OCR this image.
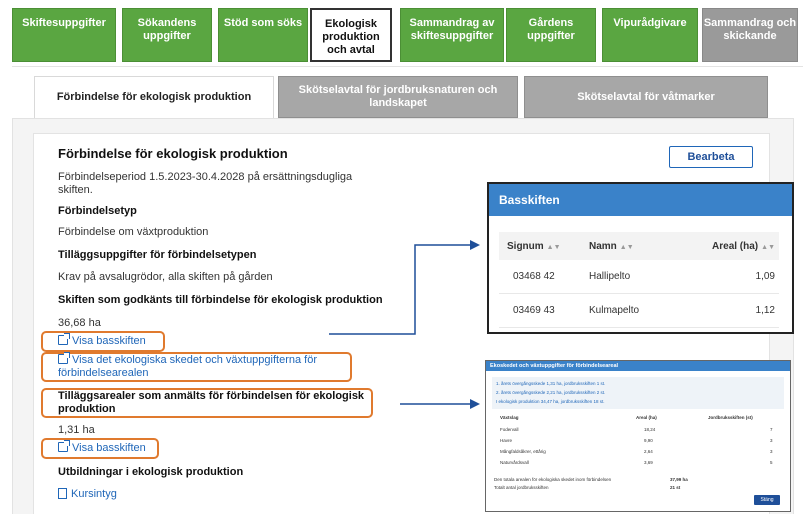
Skiftesuppgifter	Sökandens uppgifter
Stöd som söks	Ekologisk produktion och avtal
Sammandrag av skiftesuppgifter
Gårdens uppgifter
Vipurådgivare Sammandrag och skickande
Förbindelse för ekologisk produktion
Skötselavtal för jordbruksnaturen och landskapet
Skötselavtal för våtmarker
Förbindelse för ekologisk produktion	Bearbeta
Förbindelseperiod 1.5.2023-30.4.2028 på ersättningsdugliga skiften.
Förbindelsetyp
Förbindelse om växtproduktion
Tilläggsuppgifter för förbindelsetypen
Krav på avsalugrödor, alla skiften på gården
Skiften som godkänts till förbindelse för ekologisk produktion
36,68 ha
Visa basskiften
Visa det ekologiska skedet och växtuppgifterna för förbindelsearealen
Tilläggsarealer som anmälts för förbindelsen för ekologisk produktion
1,31 ha
Visa basskiften
Utbildningar i ekologisk produktion
Kursintyg
Basskiften
Signum ▲▼	Namn ▲▼	Areal (ha) ▲▼
03468 42	Hallipelto	1,09
03469 43	Kulmapelto	1,12
Ekoskedet och växtuppgifter för förbindelseareal
1. årets övergångsskede 1,31 ha, jordbruksskiften 1 st.
2. årets övergångsskede 2,21 ha, jordbruksskiften 2 st.
I ekologisk produktion 34,47 ha, jordbruksskiften 18 st.
Växtslag	Areal (ha)	Jordbruksskiften (st)
Fodervall	18,24	7
Havre	9,90	3
Mångfaldsåkrer, ettårig	2,64	3
Naturvårdsvall	3,69	5
Den totala arealen för ekologiska skedet inom förbindelsen	37,99 ha
Totalt antal jordbruksskiften	21 st
Stäng
